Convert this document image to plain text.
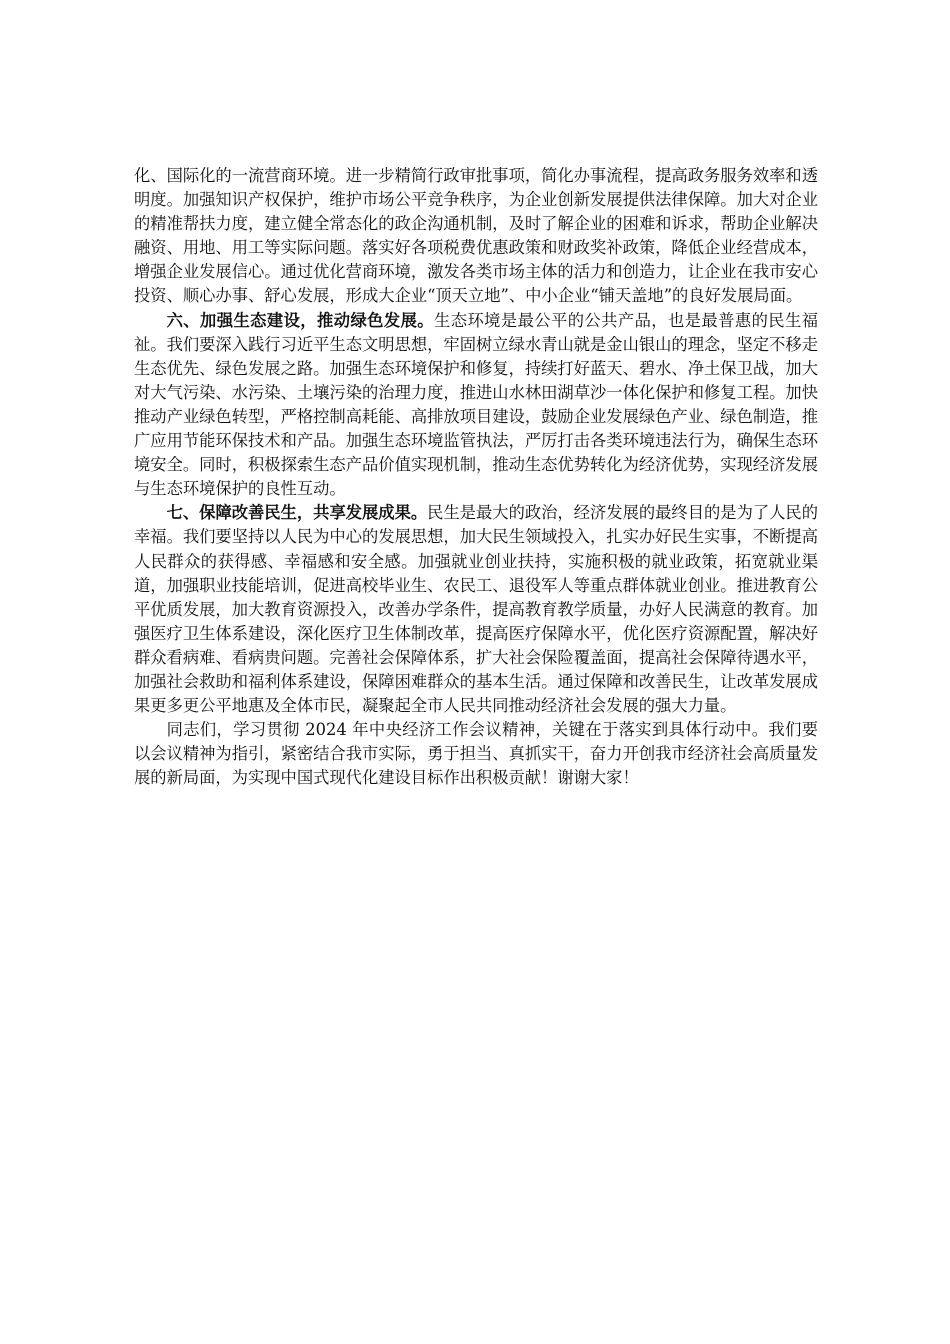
化、国际化的一流营商环境。进一步精简行政审批事项，简化办事流程，提高政务服务效率和透明度。加强知识产权保护，维护市场公平竞争秩序，为企业创新发展提供法律保障。加大对企业的精准帮扶力度，建立健全常态化的政企沟通机制，及时了解企业的困难和诉求，帮助企业解决融资、用地、用工等实际问题。落实好各项税费优惠政策和财政奖补政策，降低企业经营成本，增强企业发展信心。通过优化营商环境，激发各类市场主体的活力和创造力，让企业在我市安心投资、顺心办事、舒心发展，形成大企业“顶天立地”、中小企业“铺天盖地”的良好发展局面。

六、加强生态建设，推动绿色发展。生态环境是最公平的公共产品，也是最普惠的民生福祉。我们要深入践行习近平生态文明思想，牢固树立绿水青山就是金山银山的理念，坚定不移走生态优先、绿色发展之路。加强生态环境保护和修复，持续打好蓝天、碧水、净土保卫战，加大对大气污染、水污染、土壤污染的治理力度，推进山水林田湖草沙一体化保护和修复工程。加快推动产业绿色转型，严格控制高耗能、高排放项目建设，鼓励企业发展绿色产业、绿色制造，推广应用节能环保技术和产品。加强生态环境监管执法，严厉打击各类环境违法行为，确保生态环境安全。同时，积极探索生态产品价值实现机制，推动生态优势转化为经济优势，实现经济发展与生态环境保护的良性互动。

七、保障改善民生，共享发展成果。民生是最大的政治，经济发展的最终目的是为了人民的幸福。我们要坚持以人民为中心的发展思想，加大民生领域投入，扎实办好民生实事，不断提高人民群众的获得感、幸福感和安全感。加强就业创业扶持，实施积极的就业政策，拓宽就业渠道，加强职业技能培训，促进高校毕业生、农民工、退役军人等重点群体就业创业。推进教育公平优质发展，加大教育资源投入，改善办学条件，提高教育教学质量，办好人民满意的教育。加强医疗卫生体系建设，深化医疗卫生体制改革，提高医疗保障水平，优化医疗资源配置，解决好群众看病难、看病贵问题。完善社会保障体系，扩大社会保险覆盖面，提高社会保障待遇水平，加强社会救助和福利体系建设，保障困难群众的基本生活。通过保障和改善民生，让改革发展成果更多更公平地惠及全体市民，凝聚起全市人民共同推动经济社会发展的强大力量。

同志们，学习贯彻 2024 年中央经济工作会议精神，关键在于落实到具体行动中。我们要以会议精神为指引，紧密结合我市实际，勇于担当、真抓实干，奋力开创我市经济社会高质量发展的新局面，为实现中国式现代化建设目标作出积极贡献！谢谢大家！
